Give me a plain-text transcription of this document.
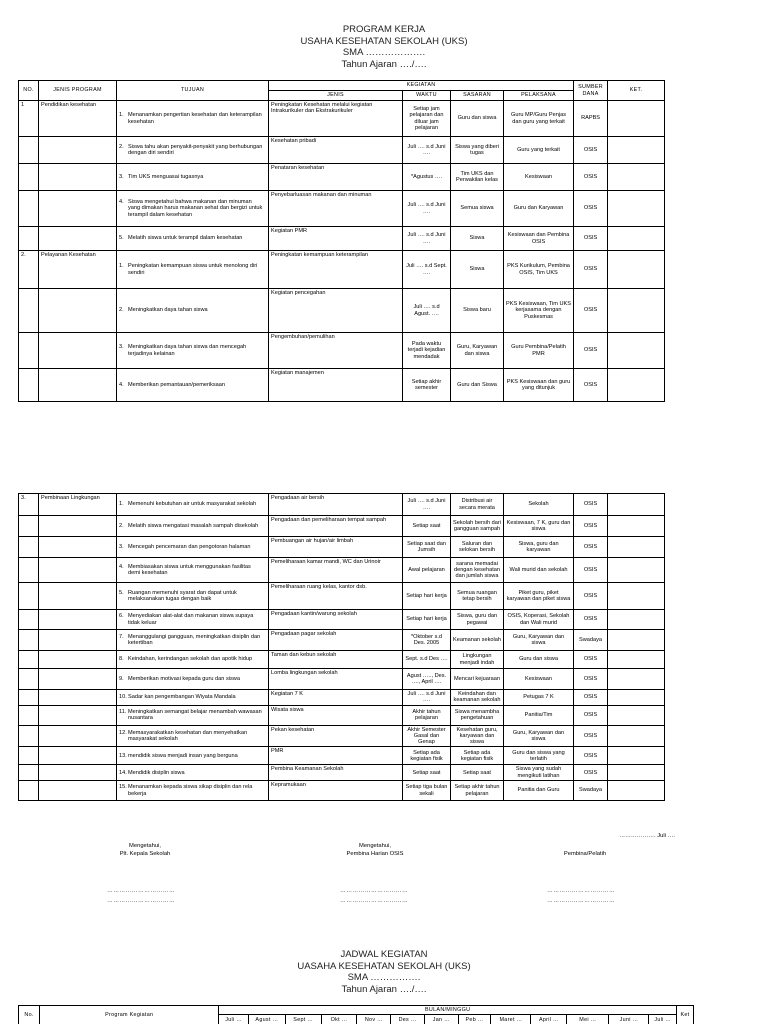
PROGRAM KERJA
USAHA KESEHATAN SEKOLAH (UKS)
SMA ……………….
Tahun Ajaran …./….
NO.	JENIS PROGRAM	TUJUAN	KEGIATAN				SUMBER DANA	KET.
			JENIS	WAKTU	SASARAN	PELAKSANA		
1	Pendidikan kesehatan	1. Menanamkan pengertian kesehatan dan keterampilan kesehatan	Peningkatan Kesehatan melalui kegiatan Intrakurikuler dan Ekstrakurikuler	Setiap jam pelajaran dan diluar jam pelajaran	Guru dan siswa	Guru MP/Guru Penjas dan guru yang terkait	RAPBS	
		2. Siswa tahu akan penyakit-penyakit yang berhubungan dengan diri sendiri	Kesehatan pribadi	Juli …. s.d Juni ….	Siswa yang diberi tugas	Guru yang terkait	OSIS	
		3. Tim UKS menguasai tugasnya	Penataran kesehatan	*Agustus ….	Tim UKS dan Perwakilan kelas	Kesiswaan	OSIS	
		4. Siswa mengetahui bahwa makanan dan minuman yang dimakan harus makanan sehat dan bergizi untuk terampil dalam kesehatan	Penyebarluasan makanan dan minuman	Juli …. s.d Juni ….	Semua siswa	Guru dan Karyawan	OSIS	
		5. Melatih siswa untuk terampil dalam kesehatan	Kegiatan PMR	Juli …. s.d Juni ….	Siswa	Kesiswaan dan Pembina OSIS	OSIS	
2.	Pelayanan Kesehatan	1. Peningkatan kemampuan siswa untuk menolong diri sendiri	Peningkatan kemampuan keterampilan	Juli …. s.d Sept. ….	Siswa	PKS Kurikulum, Pembina OSIS, Tim UKS	OSIS	
		2. Meningkatkan daya tahan siswa	Kegiatan pencegahan	Juli …. s.d Agust. ….	Siswa baru	PKS Kesiswaan, Tim UKS kerjasama dengan Puskesmas	OSIS	
		3. Meningkatkan daya tahan siswa dan mencegah terjadinya kelainan	Pengembuhan/pemulihan	Pada waktu terjadi kejadian mendadak	Guru, Karyawan dan siswa	Guru Pembina/Pelatih PMR	OSIS	
		4. Memberikan pemantauan/pemeriksaan	Kegiatan manajemen	Setiap akhir semester	Guru dan Siswa	PKS Kesiswaan dan guru yang ditunjuk	OSIS	
3.	Pembinaan Lingkungan	1. Memenuhi kebutuhan air untuk masyarakat sekolah	Pengadaan air bersih	Juli …. s.d Juni ….	Distribusi air secara merata	Sekolah	OSIS	
		2. Melatih siswa mengatasi masalah sampah disekolah	Pengadaan dan pemeliharaan tempat sampah	Setiap saat	Sekolah bersih dari gangguan sampah	Kesiswaan, 7 K, guru dan siswa	OSIS	
		3. Mencegah pencemaran dan pengotoran halaman	Pembuangan air hujan/air limbah	Setiap saat dan Jumsih	Saluran dan selokan bersih	Siswa, guru dan karyawan	OSIS	
		4. Membiasakan siswa untuk menggunakan fasilitas demi kesehatan	Pemeliharaan kamar mandi, WC dan Urinoir	Awal pelajaran	sarana memadai dengan kesehatan dan jumlah siswa	Wali murid dan sekolah	OSIS	
		5. Ruangan memenuhi syarat dan dapat untuk melaksanakan tugas dengan baik	Pemeliharaan ruang kelas, kantor dsb.	Setiap hari kerja	Semua ruangan tetap bersih	Piket guru, piket karyawan dan piket siswa	OSIS	
		6. Menyediakan alat-alat dan makanan siswa supaya tidak keluar	Pengadaan kantin/warung sekolah	Setiap hari kerja	Siswa, guru dan pegawai	OSIS, Koperasi, Sekolah dan Wali murid	OSIS	
		7. Menanggulangi gangguan, meningkatkan disiplin dan ketertiban	Pengadaan pagar sekolah	*Oktober s.d Des. 2005	Keamanan sekolah	Guru, Karyawan dan siswa	Swadaya	
		8. Keindahan, kerindangan sekolah dan apotik hidup	Taman dan kebun sekolah	Sept. s.d Des ….	Lingkungan menjadi indah	Guru dan siswa	OSIS	
		9. Memberikan motivasi kepada guru dan siswa	Lomba lingkungan sekolah	Agust ….., Des. …., April ….	Mencari kejuaraan	Kesiswaan	OSIS	
		10.Sadar kan pengembangan Wiyata Mandala	Kegiatan 7 K	Juli …. s.d Juni ….	Keindahan dan keamanan sekolah	Petugas 7 K	OSIS	
		11. Meningkatkan semangat belajar menambah wawasan nusantara	Wisata siswa	Akhir tahun pelajaran	Siswa menambha pengetahuan	Panitia/Tim	OSIS	
		12.Memasyarakatkan kesehatan dan menyehatkan masyarakat sekolah	Pekan kesehatan	Akhir Semester Gasal dan Genap	Kesehatan guru, karyawan dan siswa	Guru, Karyawan dan siswa	OSIS	
		13.mendidik siswa menjadi insan yang berguna	PMR	Setiap ada kegiatan fisik	Setiap ada kegiatan fisik	Guru dan siswa yang terlatih	OSIS	
		14.Mendidik disiplin siswa	Pembina Keamanan Sekolah	Setiap saat	Setiap saat	Siswa yang sudah mengikuti latihan	OSIS	
		15.Menanamkan kepada siswa sikap disiplin dan rela bekerja	Kepramukaan	Setiap tiga bulan sekali	Setiap akhir tahun pelajaran	Panitia dan Guru	Swadaya	
………………. Juli ….
Mengetahui,
Plt. Kepala Sekolah
Mengetahui,
Pembina Harian OSIS	Pembina/Pelatih
……………………………
……………………………
……………………………
……………………………
……………………………
……………………………
JADWAL KEGIATAN
UASAHA KESEHATAN SEKOLAH (UKS)
SMA …………….
Tahun Ajaran …./….
No.	Program Kegiatan	BULAN/MINGGU													Ket
		Juli …	Agust …	Sept …	Okt …	Nov …	Des …	Jan …	Peb …	Maret …	April …	Mei …	Juni …	Juli …	
